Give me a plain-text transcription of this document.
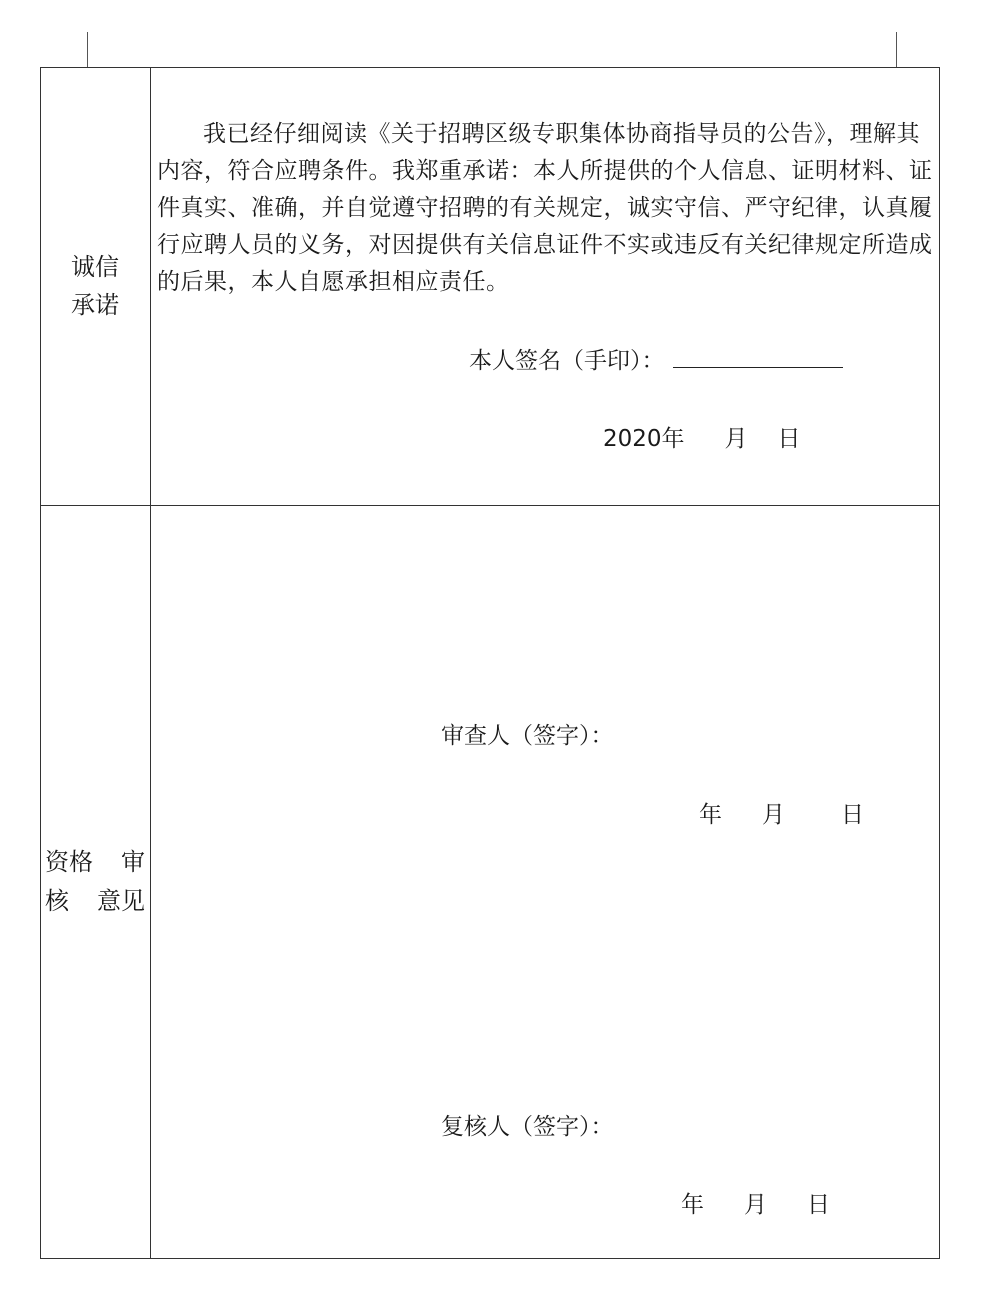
诚信
承诺

我已经仔细阅读《关于招聘区级专职集体协商指导员的公告》，理解其内容，符合应聘条件。我郑重承诺：本人所提供的个人信息、证明材料、证件真实、准确，并自觉遵守招聘的有关规定，诚实守信、严守纪律，认真履行应聘人员的义务，对因提供有关信息证件不实或违反有关纪律规定所造成的后果，本人自愿承担相应责任。

本人签名（手印）：
2020年 月 日
资格 审
核 意见
审查人（签字）：
年 月 日
复核人（签字）：
年 月 日
